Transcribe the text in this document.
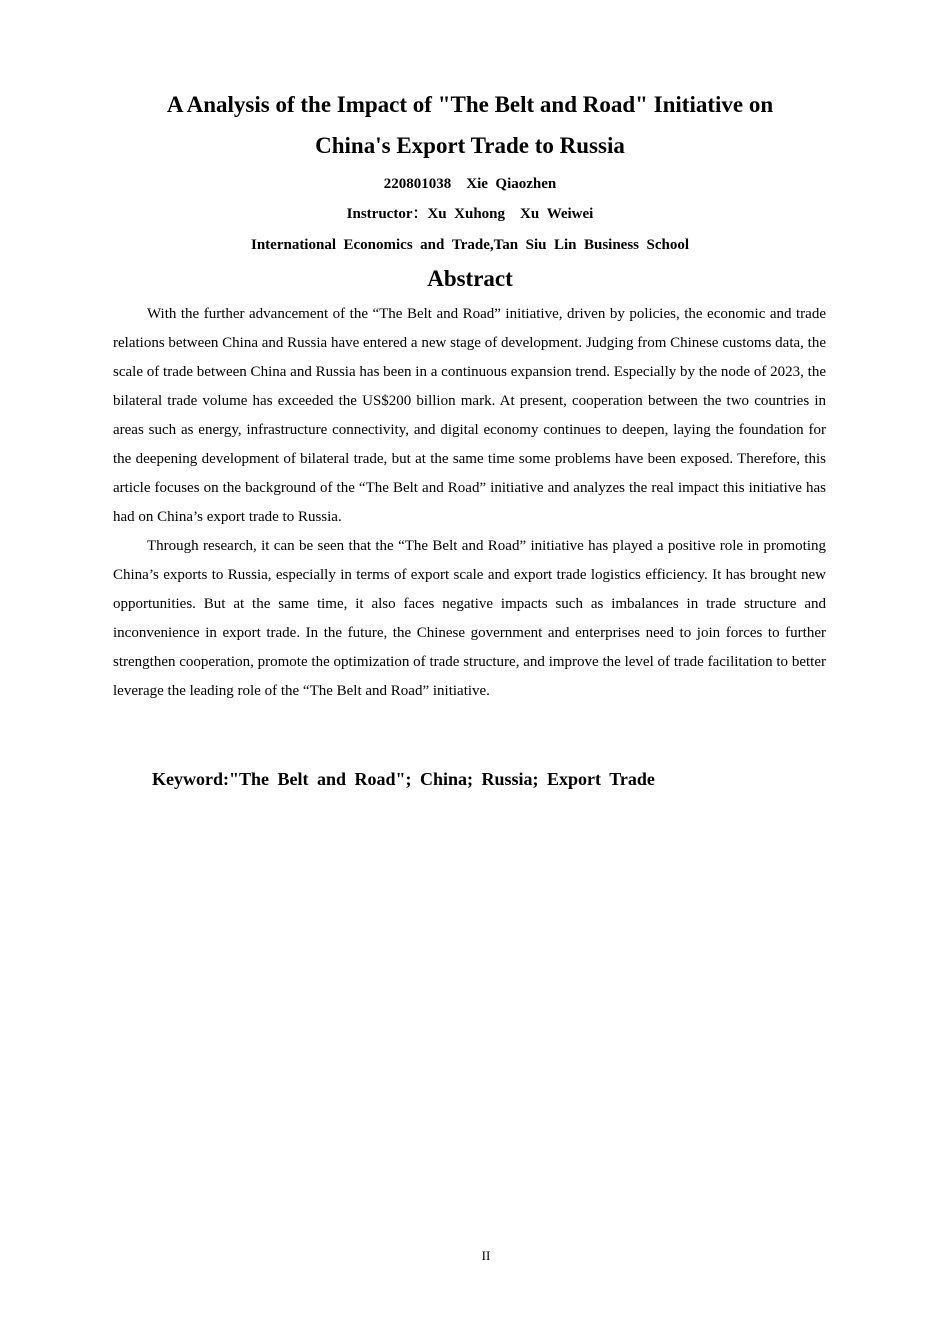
A Analysis of the Impact of "The Belt and Road" Initiative on
China's Export Trade to Russia
220801038    Xie  Qiaozhen
Instructor：Xu  Xuhong    Xu  Weiwei
International  Economics  and  Trade,Tan  Siu  Lin  Business  School
Abstract

With the further advancement of the “The Belt and Road” initiative, driven by policies, the economic and trade relations between China and Russia have entered a new stage of development. Judging from Chinese customs data, the scale of trade between China and Russia has been in a continuous expansion trend. Especially by the node of 2023, the bilateral trade volume has exceeded the US$200 billion mark. At present, cooperation between the two countries in areas such as energy, infrastructure connectivity, and digital economy continues to deepen, laying the foundation for the deepening development of bilateral trade, but at the same time some problems have been exposed. Therefore, this article focuses on the background of the “The Belt and Road” initiative and analyzes the real impact this initiative has had on China’s export trade to Russia.

Through research, it can be seen that the “The Belt and Road” initiative has played a positive role in promoting China’s exports to Russia, especially in terms of export scale and export trade logistics efficiency. It has brought new opportunities. But at the same time, it also faces negative impacts such as imbalances in trade structure and inconvenience in export trade. In the future, the Chinese government and enterprises need to join forces to further strengthen cooperation, promote the optimization of trade structure, and improve the level of trade facilitation to better leverage the leading role of the “The Belt and Road” initiative.

Keyword:"The Belt and Road"; China; Russia; Export Trade
II
